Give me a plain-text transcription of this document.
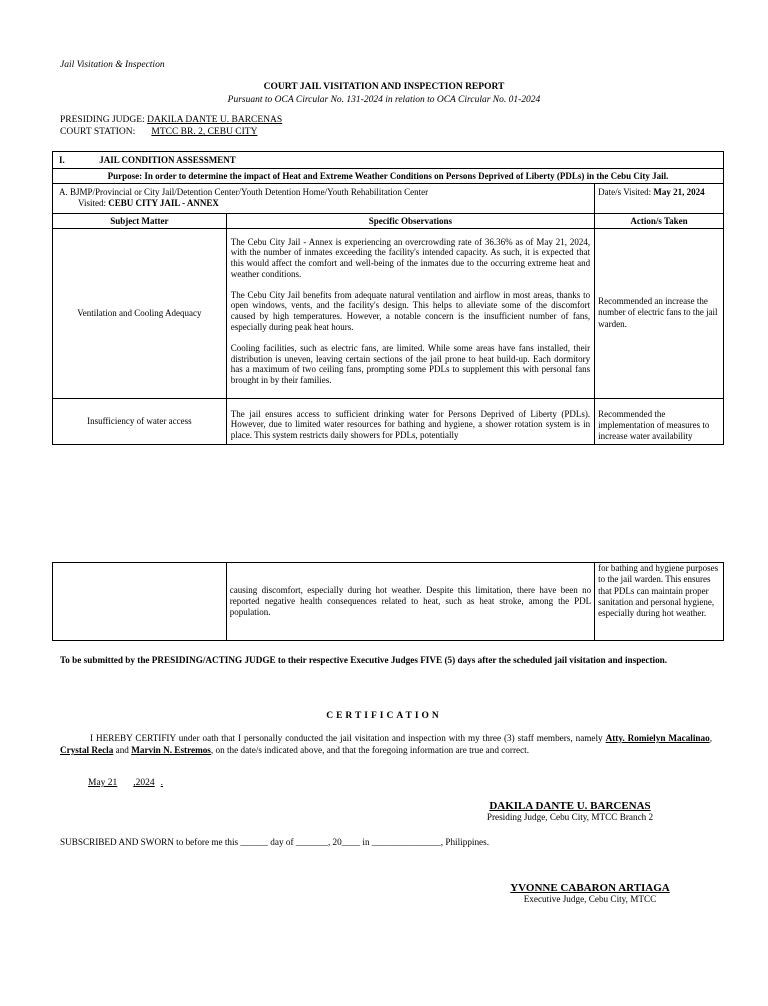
Jail Visitation & Inspection
COURT JAIL VISITATION AND INSPECTION REPORT
Pursuant to OCA Circular No. 131-2024 in relation to OCA Circular No. 01-2024
PRESIDING JUDGE: DAKILA DANTE U. BARCENAS
COURT STATION: MTCC BR. 2, CEBU CITY
I. JAIL CONDITION ASSESSMENT		
Purpose: In order to determine the impact of Heat and Extreme Weather Conditions on Persons Deprived of Liberty (PDLs) in the Cebu City Jail.		

A. BJMP/Provincial or City Jail/Detention Center/Youth Detention Home/Youth Rehabilitation Center
Visited: CEBU CITY JAIL - ANNEX		Date/s Visited: May 21, 2024
Subject Matter	Specific Observations	Action/s Taken
Ventilation and Cooling Adequacy	The Cebu City Jail - Annex is experiencing an overcrowding rate of 36.36% as of May 21, 2024, with the number of inmates exceeding the facility's intended capacity. As such, it is expected that this would affect the comfort and well-being of the inmates due to the occurring extreme heat and weather conditions.

The Cebu City Jail benefits from adequate natural ventilation and airflow in most areas, thanks to open windows, vents, and the facility's design. This helps to alleviate some of the discomfort caused by high temperatures. However, a notable concern is the insufficient number of fans, especially during peak heat hours.

Cooling facilities, such as electric fans, are limited. While some areas have fans installed, their distribution is uneven, leaving certain sections of the jail prone to heat build-up. Each dormitory has a maximum of two ceiling fans, prompting some PDLs to supplement this with personal fans brought in by their families.	Recommended an increase the number of electric fans to the jail warden.
Insufficiency of water access	The jail ensures access to sufficient drinking water for Persons Deprived of Liberty (PDLs). However, due to limited water resources for bathing and hygiene, a shower rotation system is in place. This system restricts daily showers for PDLs, potentially	Recommended the implementation of measures to increase water availability
	causing discomfort, especially during hot weather. Despite this limitation, there have been no reported negative health consequences related to heat, such as heat stroke, among the PDL population.	for bathing and hygiene purposes to the jail warden. This ensures that PDLs can maintain proper sanitation and personal hygiene, especially during hot weather.
To be submitted by the PRESIDING/ACTING JUDGE to their respective Executive Judges FIVE (5) days after the scheduled jail visitation and inspection.
CERTIFICATION
I HEREBY CERTIFIY under oath that I personally conducted the jail visitation and inspection with my three (3) staff members, namely Atty. Romielyn Macalinao, Crystal Recla and Marvin N. Estremos, on the date/s indicated above, and that the foregoing information are true and correct.
May 21 ,2024 .
DAKILA DANTE U. BARCENAS
Presiding Judge, Cebu City, MTCC Branch 2
SUBSCRIBED AND SWORN to before me this ______ day of _______, 20____ in _______________, Philippines.
YVONNE CABARON ARTIAGA
Executive Judge, Cebu City, MTCC
